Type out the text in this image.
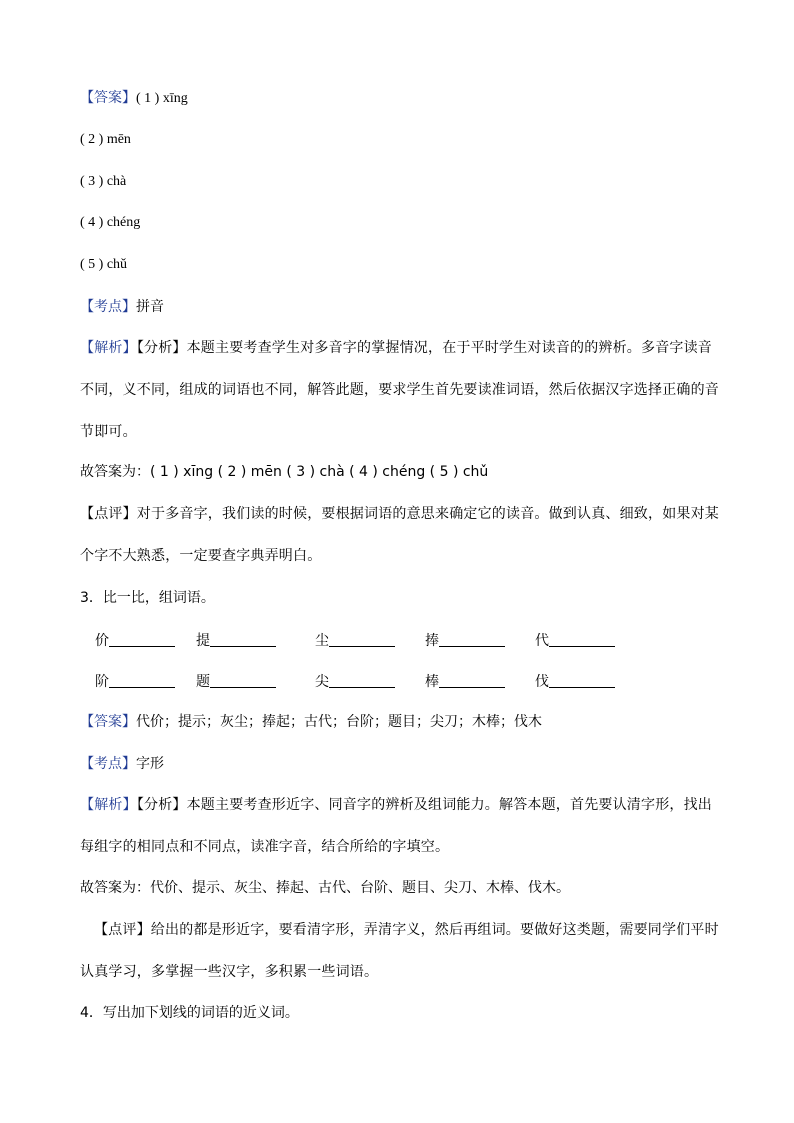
【答案】( 1 ) xīng
( 2 ) mēn
( 3 ) chà
( 4 ) chéng
( 5 ) chǔ
【考点】拼音
【解析】【分析】本题主要考查学生对多音字的掌握情况，在于平时学生对读音的的辨析。多音字读音不同，义不同，组成的词语也不同，解答此题，要求学生首先要读准词语，然后依据汉字选择正确的音节即可。
故答案为：( 1 ) xīng ( 2 ) mēn ( 3 ) chà ( 4 ) chéng ( 5 ) chǔ
【点评】对于多音字，我们读的时候，要根据词语的意思来确定它的读音。做到认真、细致，如果对某个字不大熟悉，一定要查字典弄明白。
3．比一比，组词语。
价	提	尘	捧	代
阶	题	尖	棒	伐
【答案】代价；提示；灰尘；捧起；古代；台阶；题目；尖刀；木棒；伐木
【考点】字形
【解析】【分析】本题主要考查形近字、同音字的辨析及组词能力。解答本题，首先要认清字形，找出每组字的相同点和不同点，读准字音，结合所给的字填空。
故答案为：代价、提示、灰尘、捧起、古代、台阶、题目、尖刀、木棒、伐木。
【点评】给出的都是形近字，要看清字形，弄清字义，然后再组词。要做好这类题，需要同学们平时认真学习，多掌握一些汉字，多积累一些词语。
4．写出加下划线的词语的近义词。
